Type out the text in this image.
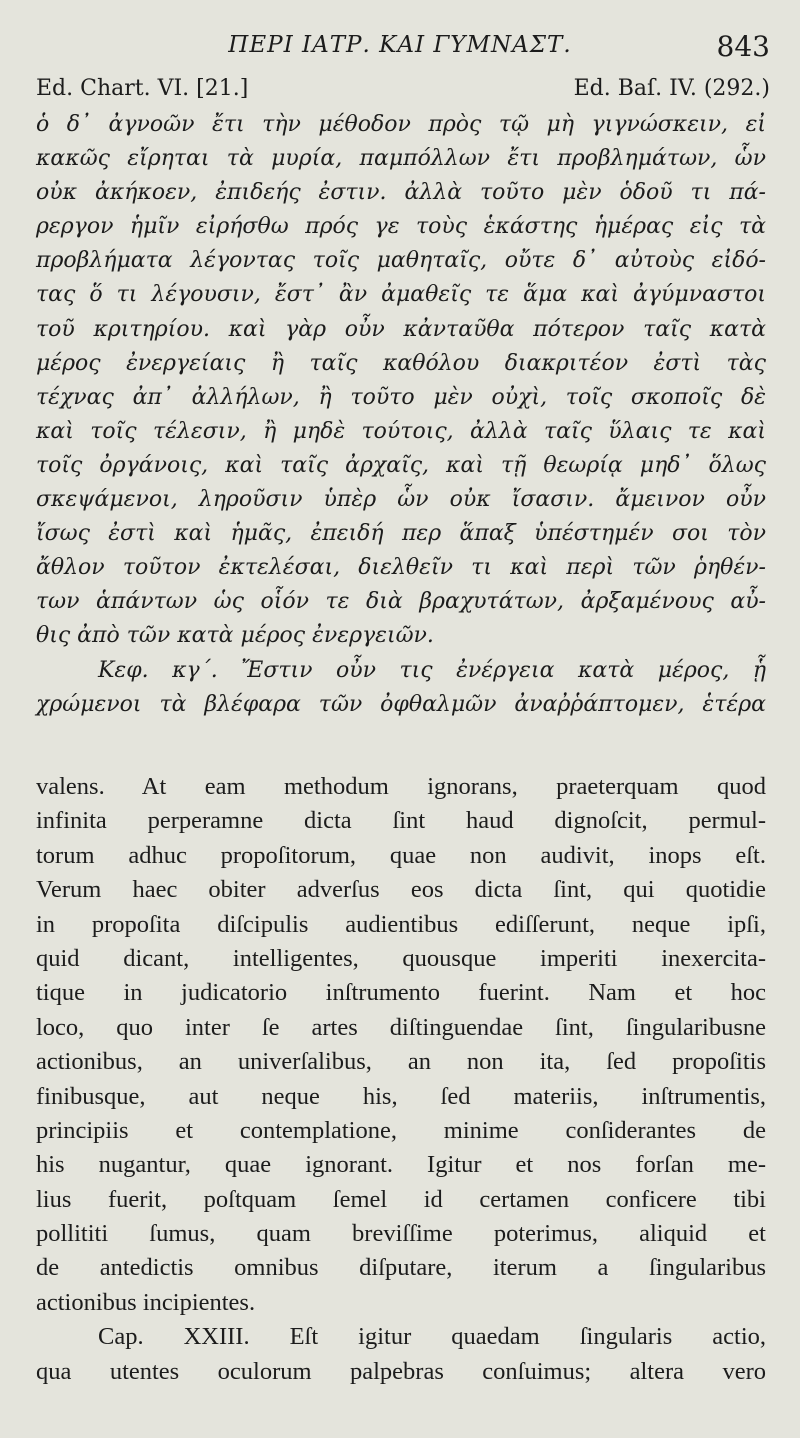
ΠΕΡΙ ΙΑΤΡ. ΚΑΙ ΓΥΜΝΑΣΤ.	843
Ed. Chart. VI. [21.]	Ed. Baſ. IV. (292.)
ὁ δ᾿ ἀγνοῶν ἔτι τὴν μέθοδον πρὸς τῷ μὴ γιγνώσκειν, εἰ
κακῶς εἴρηται τὰ μυρία, παμπόλλων ἔτι προβλημάτων, ὧν
οὐκ ἀκήκοεν, ἐπιδεής ἐστιν. ἀλλὰ τοῦτο μὲν ὁδοῦ τι πά-
ρεργον ἡμῖν εἰρήσθω πρός γε τοὺς ἑκάστης ἡμέρας εἰς τὰ
προβλήματα λέγοντας τοῖς μαθηταῖς, οὔτε δ᾿ αὐτοὺς εἰδό-
τας ὅ τι λέγουσιν, ἔστ᾿ ἂν ἀμαθεῖς τε ἅμα καὶ ἀγύμναστοι
τοῦ κριτηρίου. καὶ γὰρ οὖν κἀνταῦθα πότερον ταῖς κατὰ
μέρος ἐνεργείαις ἢ ταῖς καθόλου διακριτέον ἐστὶ τὰς
τέχνας ἀπ᾿ ἀλλήλων, ἢ τοῦτο μὲν οὐχὶ, τοῖς σκοποῖς δὲ
καὶ τοῖς τέλεσιν, ἢ μηδὲ τούτοις, ἀλλὰ ταῖς ὕλαις τε καὶ
τοῖς ὀργάνοις, καὶ ταῖς ἀρχαῖς, καὶ τῇ θεωρίᾳ μηδ᾿ ὅλως
σκεψάμενοι, ληροῦσιν ὑπὲρ ὧν οὐκ ἴσασιν. ἄμεινον οὖν
ἴσως ἐστὶ καὶ ἡμᾶς, ἐπειδή περ ἅπαξ ὑπέστημέν σοι τὸν
ἄθλον τοῦτον ἐκτελέσαι, διελθεῖν τι καὶ περὶ τῶν ῥηθέν-
των ἁπάντων ὡς οἷόν τε διὰ βραχυτάτων, ἀρξαμένους αὖ-
θις ἀπὸ τῶν κατὰ μέρος ἐνεργειῶν.
Κεφ. κγ΄. Ἔστιν οὖν τις ἐνέργεια κατὰ μέρος, ᾗ
χρώμενοι τὰ βλέφαρα τῶν ὀφθαλμῶν ἀναῤῥάπτομεν, ἑτέρα
valens. At eam methodum ignorans, praeterquam quod
infinita perperamne dicta ſint haud dignoſcit, permul-
torum adhuc propoſitorum, quae non audivit, inops eſt.
Verum haec obiter adverſus eos dicta ſint, qui quotidie
in propoſita diſcipulis audientibus ediſſerunt, neque ipſi,
quid dicant, intelligentes, quousque imperiti inexercita-
tique in judicatorio inſtrumento fuerint. Nam et hoc
loco, quo inter ſe artes diſtinguendae ſint, ſingularibusne
actionibus, an univerſalibus, an non ita, ſed propoſitis
finibusque, aut neque his, ſed materiis, inſtrumentis,
principiis et contemplatione, minime conſiderantes de
his nugantur, quae ignorant. Igitur et nos forſan me-
lius fuerit, poſtquam ſemel id certamen conficere tibi
pollititi ſumus, quam breviſſime poterimus, aliquid et
de antedictis omnibus diſputare, iterum a ſingularibus
actionibus incipientes.
Cap. XXIII. Eſt igitur quaedam ſingularis actio,
qua utentes oculorum palpebras conſuimus; altera vero
